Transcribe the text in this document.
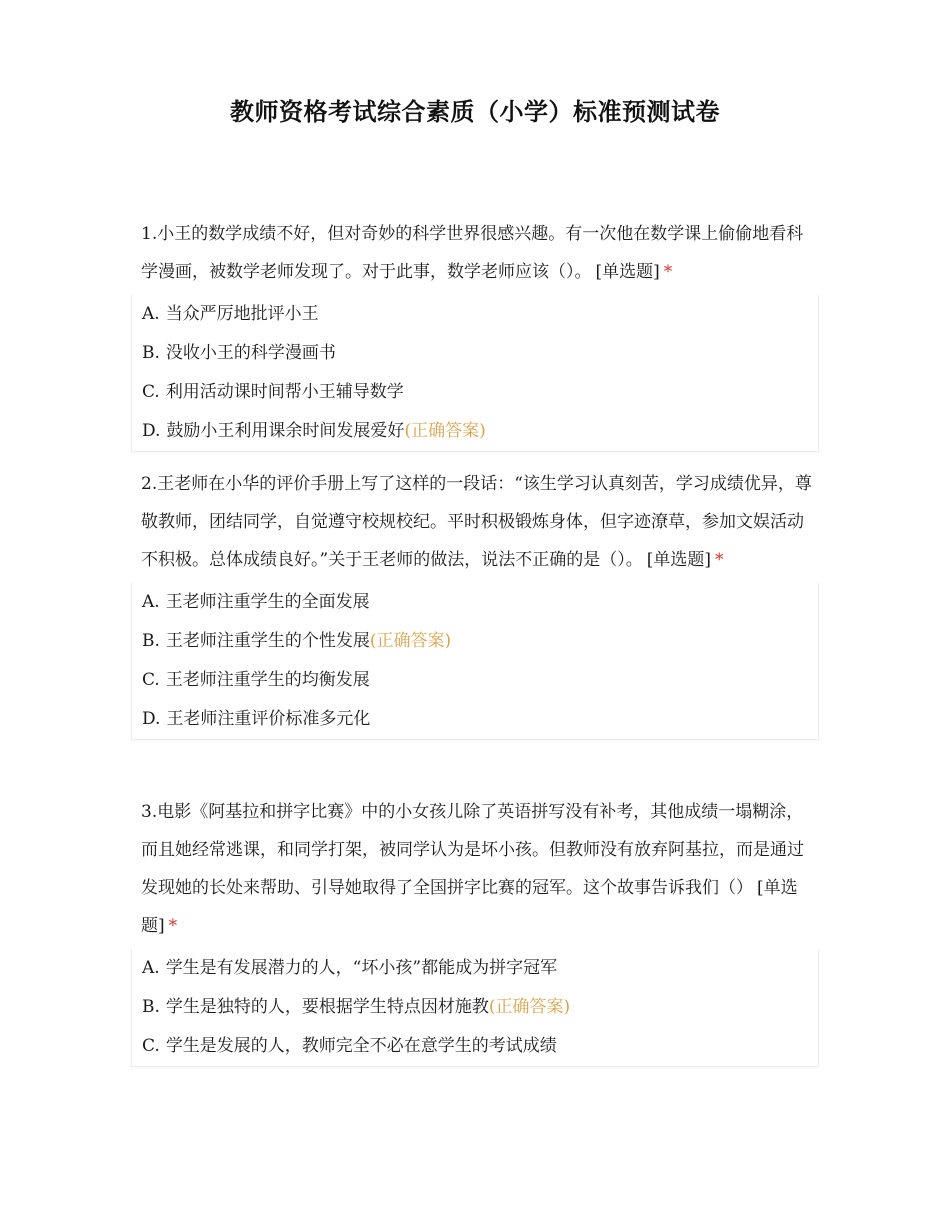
教师资格考试综合素质（小学）标准预测试卷
1.小王的数学成绩不好，但对奇妙的科学世界很感兴趣。有一次他在数学课上偷偷地看科学漫画，被数学老师发现了。对于此事，数学老师应该（）。 [单选题] *
A. 当众严厉地批评小王
B. 没收小王的科学漫画书
C. 利用活动课时间帮小王辅导数学
D. 鼓励小王利用课余时间发展爱好(正确答案)
2.王老师在小华的评价手册上写了这样的一段话：“该生学习认真刻苦，学习成绩优异，尊敬教师，团结同学，自觉遵守校规校纪。平时积极锻炼身体，但字迹潦草，参加文娱活动不积极。总体成绩良好。”关于王老师的做法，说法不正确的是（）。 [单选题] *
A. 王老师注重学生的全面发展
B. 王老师注重学生的个性发展(正确答案)
C. 王老师注重学生的均衡发展
D. 王老师注重评价标准多元化
3.电影《阿基拉和拼字比赛》中的小女孩儿除了英语拼写没有补考，其他成绩一塌糊涂，而且她经常逃课，和同学打架，被同学认为是坏小孩。但教师没有放弃阿基拉，而是通过发现她的长处来帮助、引导她取得了全国拼字比赛的冠军。这个故事告诉我们（） [单选题] *
A. 学生是有发展潜力的人，“坏小孩”都能成为拼字冠军
B. 学生是独特的人，要根据学生特点因材施教(正确答案)
C. 学生是发展的人，教师完全不必在意学生的考试成绩
